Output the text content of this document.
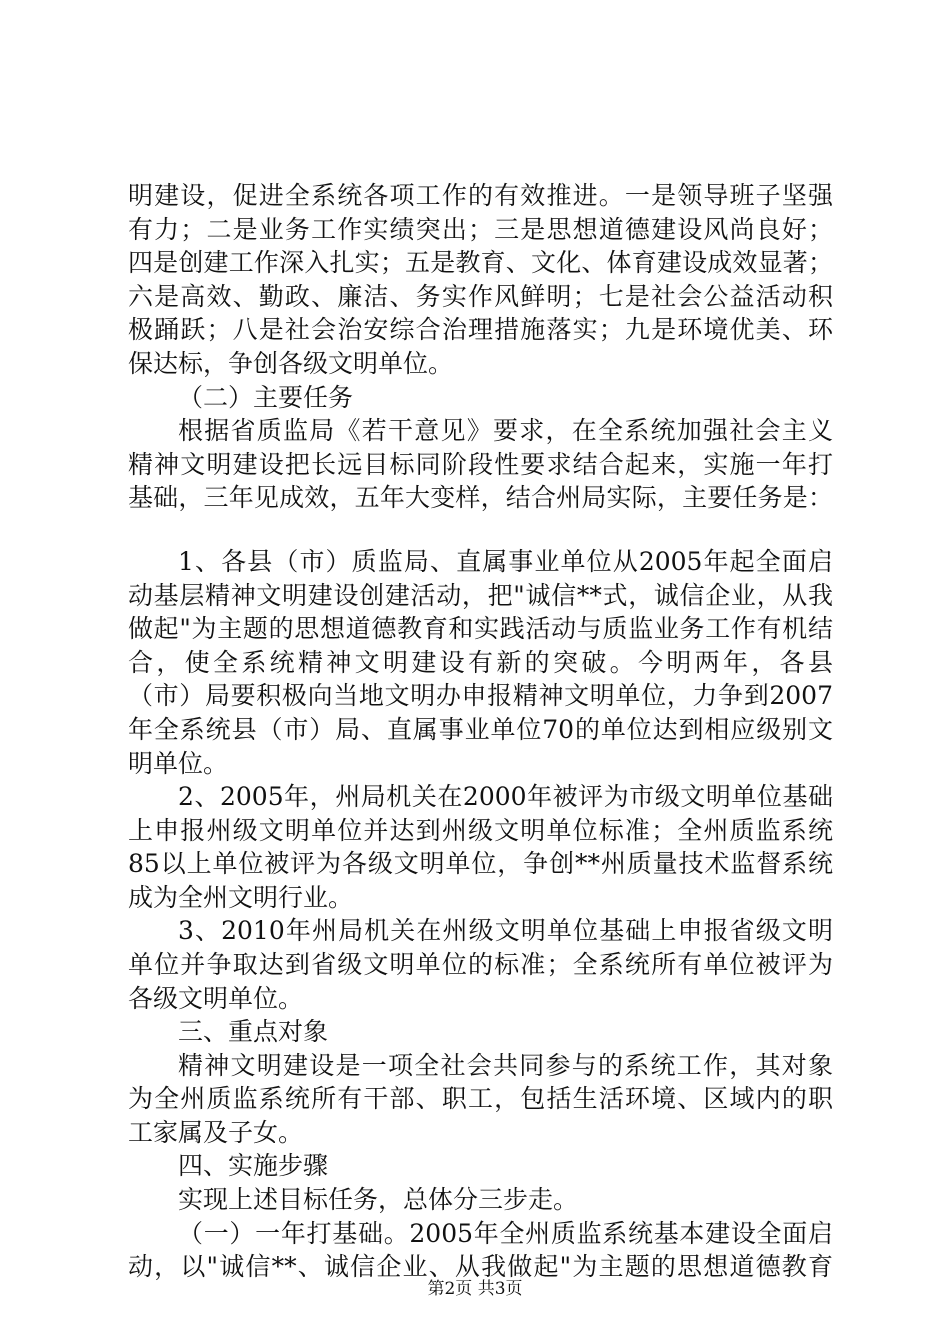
明建设，促进全系统各项工作的有效推进。一是领导班子坚强
有力；二是业务工作实绩突出；三是思想道德建设风尚良好；
四是创建工作深入扎实；五是教育、文化、体育建设成效显著；
六是高效、勤政、廉洁、务实作风鲜明；七是社会公益活动积
极踊跃；八是社会治安综合治理措施落实；九是环境优美、环
保达标，争创各级文明单位。
（二）主要任务
根据省质监局《若干意见》要求，在全系统加强社会主义
精神文明建设把长远目标同阶段性要求结合起来，实施一年打
基础，三年见成效，五年大变样，结合州局实际，主要任务是：
1、各县（市）质监局、直属事业单位从2005年起全面启
动基层精神文明建设创建活动，把"诚信**式，诚信企业，从我
做起"为主题的思想道德教育和实践活动与质监业务工作有机结
合，使全系统精神文明建设有新的突破。今明两年，各县
（市）局要积极向当地文明办申报精神文明单位，力争到2007
年全系统县（市）局、直属事业单位70的单位达到相应级别文
明单位。
2、2005年，州局机关在2000年被评为市级文明单位基础
上申报州级文明单位并达到州级文明单位标准；全州质监系统
85以上单位被评为各级文明单位，争创**州质量技术监督系统
成为全州文明行业。
3、2010年州局机关在州级文明单位基础上申报省级文明
单位并争取达到省级文明单位的标准；全系统所有单位被评为
各级文明单位。
三、重点对象
精神文明建设是一项全社会共同参与的系统工作，其对象
为全州质监系统所有干部、职工，包括生活环境、区域内的职
工家属及子女。
四、实施步骤
实现上述目标任务，总体分三步走。
（一）一年打基础。2005年全州质监系统基本建设全面启
动，以"诚信**、诚信企业、从我做起"为主题的思想道德教育
第2页 共3页
